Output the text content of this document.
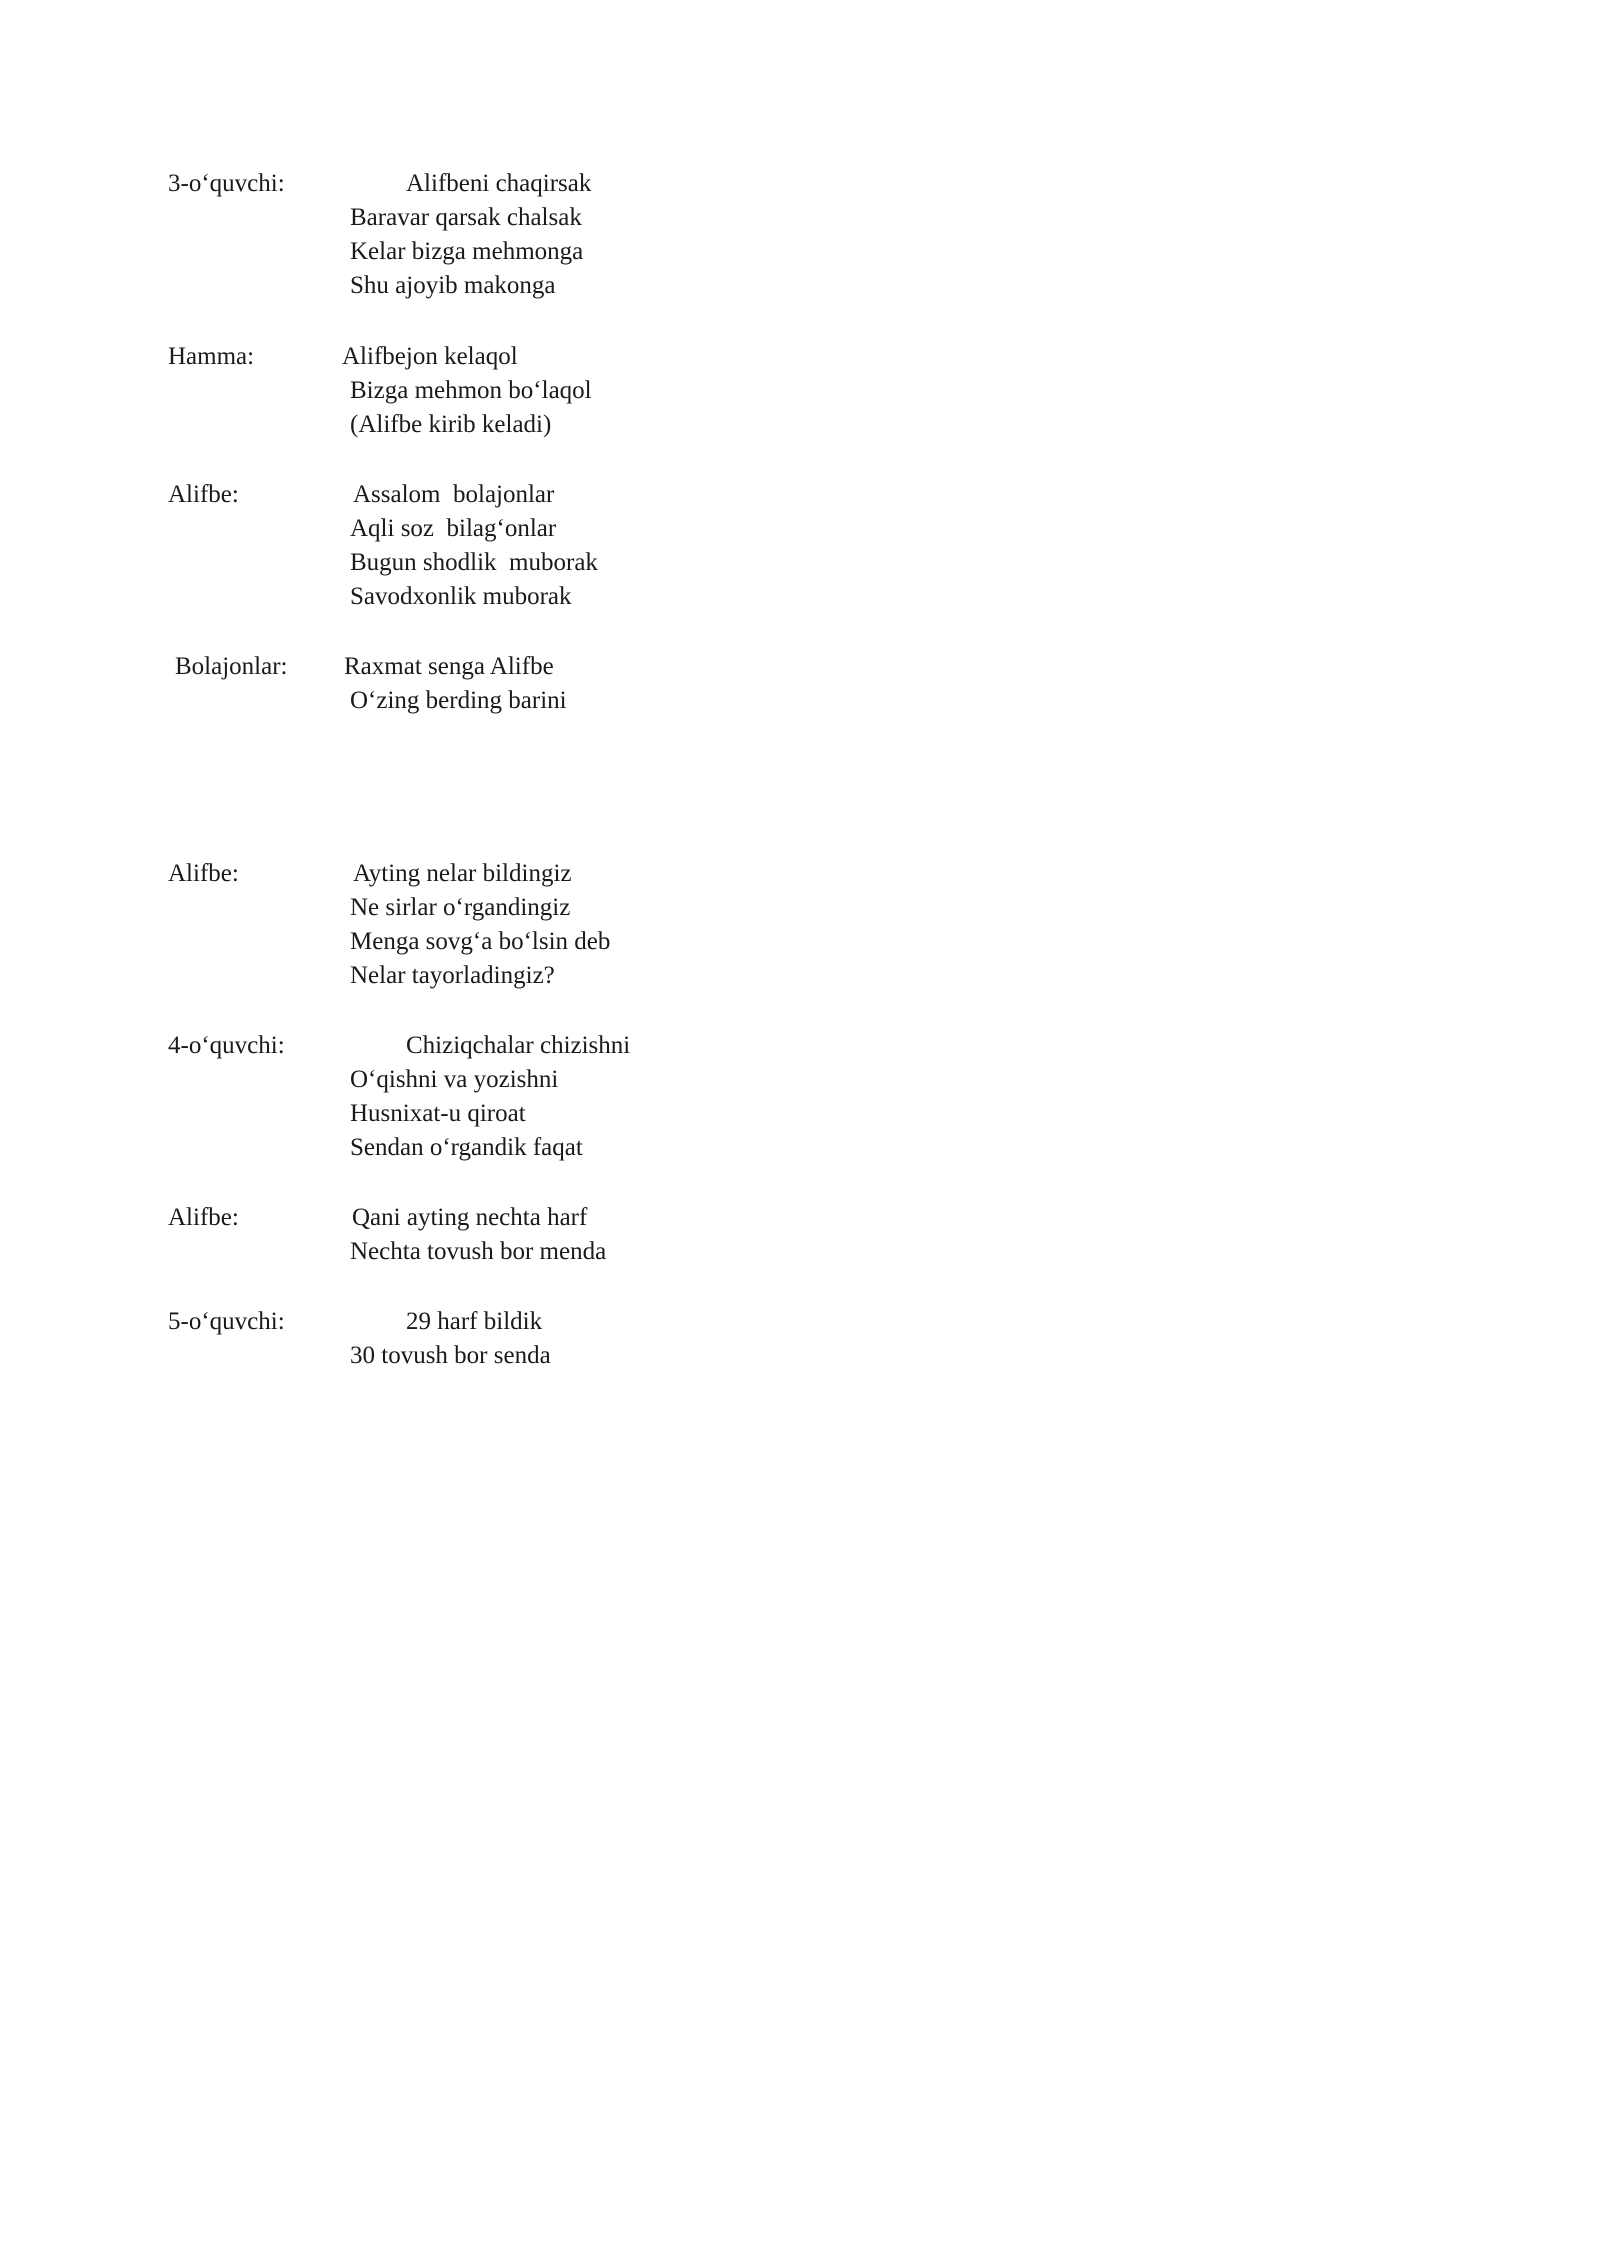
3-o‘quvchi:	Alifbeni chaqirsak
Baravar qarsak chalsak
Kelar bizga mehmonga
Shu ajoyib makonga
Hamma:	Alifbejon kelaqol
Bizga mehmon bo‘laqol
(Alifbe kirib keladi)
Alifbe:	Assalom  bolajonlar
Aqli soz  bilag‘onlar
Bugun shodlik  muborak
Savodxonlik muborak
Bolajonlar: Raxmat senga Alifbe
O‘zing berding barini
Alifbe:	Ayting nelar bildingiz
Ne sirlar o‘rgandingiz
Menga sovg‘a bo‘lsin deb
Nelar tayorladingiz?
4-o‘quvchi:	Chiziqchalar chizishni
O‘qishni va yozishni
Husnixat-u qiroat
Sendan o‘rgandik faqat
Alifbe:	Qani ayting nechta harf
Nechta tovush bor menda
5-o‘quvchi:	29 harf bildik
30 tovush bor senda
